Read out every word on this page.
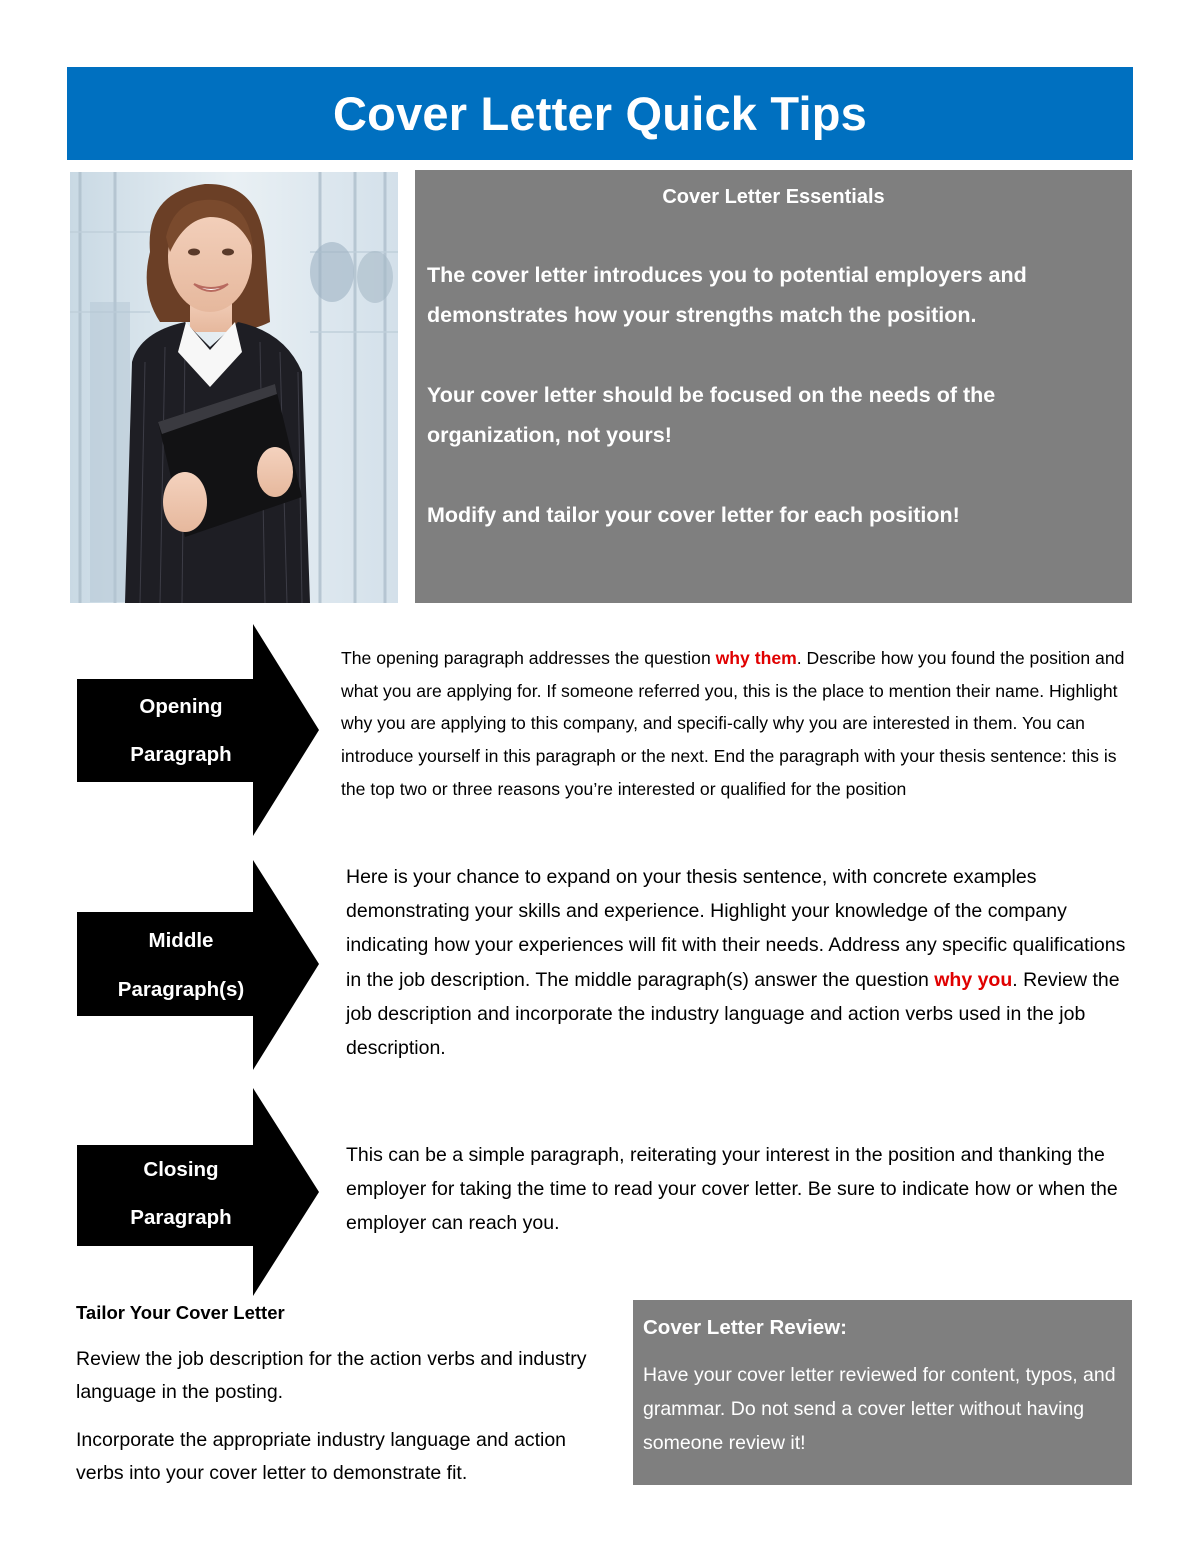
Cover Letter Quick Tips
Cover Letter Essentials

The cover letter introduces you to potential employers and demonstrates how your strengths match the position.

Your cover letter should be focused on the needs of the organization, not yours!

Modify and tailor your cover letter for each position!

Opening
Paragraph
The opening paragraph addresses the question why them. Describe how you found the position and what you are applying for. If someone referred you, this is the place to mention their name. Highlight why you are applying to this company, and specifi-cally why you are interested in them. You can introduce yourself in this paragraph or the next. End the paragraph with your thesis sentence: this is the top two or three reasons you’re interested or qualified for the position
Middle
Paragraph(s)
Here is your chance to expand on your thesis sentence, with concrete examples demonstrating your skills and experience. Highlight your knowledge of the company indicating how your experiences will fit with their needs. Address any specific qualifications in the job description. The middle paragraph(s) answer the question why you. Review the job description and incorporate the industry language and action verbs used in the job description.
Closing
Paragraph
This can be a simple paragraph, reiterating your interest in the position and thanking the employer for taking the time to read your cover letter. Be sure to indicate how or when the employer can reach you.
Tailor Your Cover Letter

Review the job description for the action verbs and industry language in the posting.

Incorporate the appropriate industry language and action verbs into your cover letter to demonstrate fit.

Cover Letter Review:

Have your cover letter reviewed for content, typos, and grammar. Do not send a cover letter without having someone review it!
